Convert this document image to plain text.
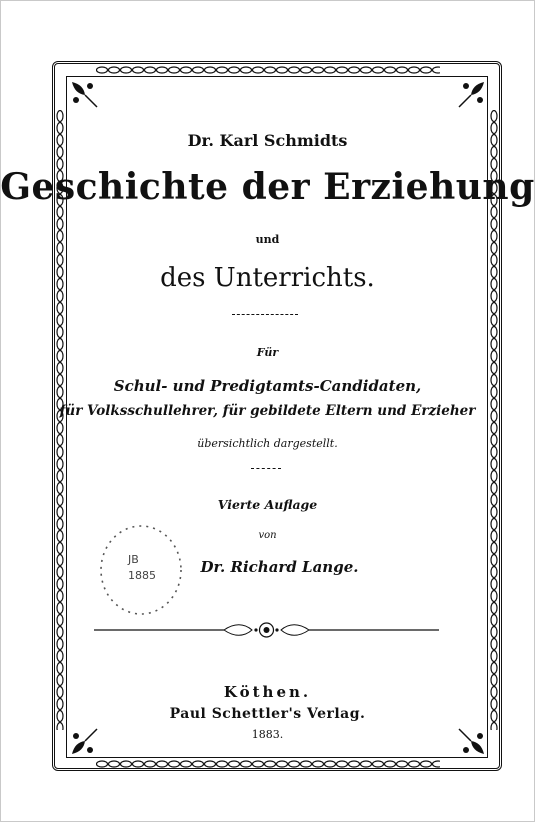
Dr. Karl Schmidts
Geschichte der Erziehung
und
des Unterrichts.
Für
Schul- und Predigtamts-Candidaten,
für Volksschullehrer, für gebildete Eltern und Erzieher
übersichtlich dargestellt.
Vierte Auflage
von
Dr. Richard Lange.
Köthen.
Paul Schettler's Verlag.
1883.
JB
1885
